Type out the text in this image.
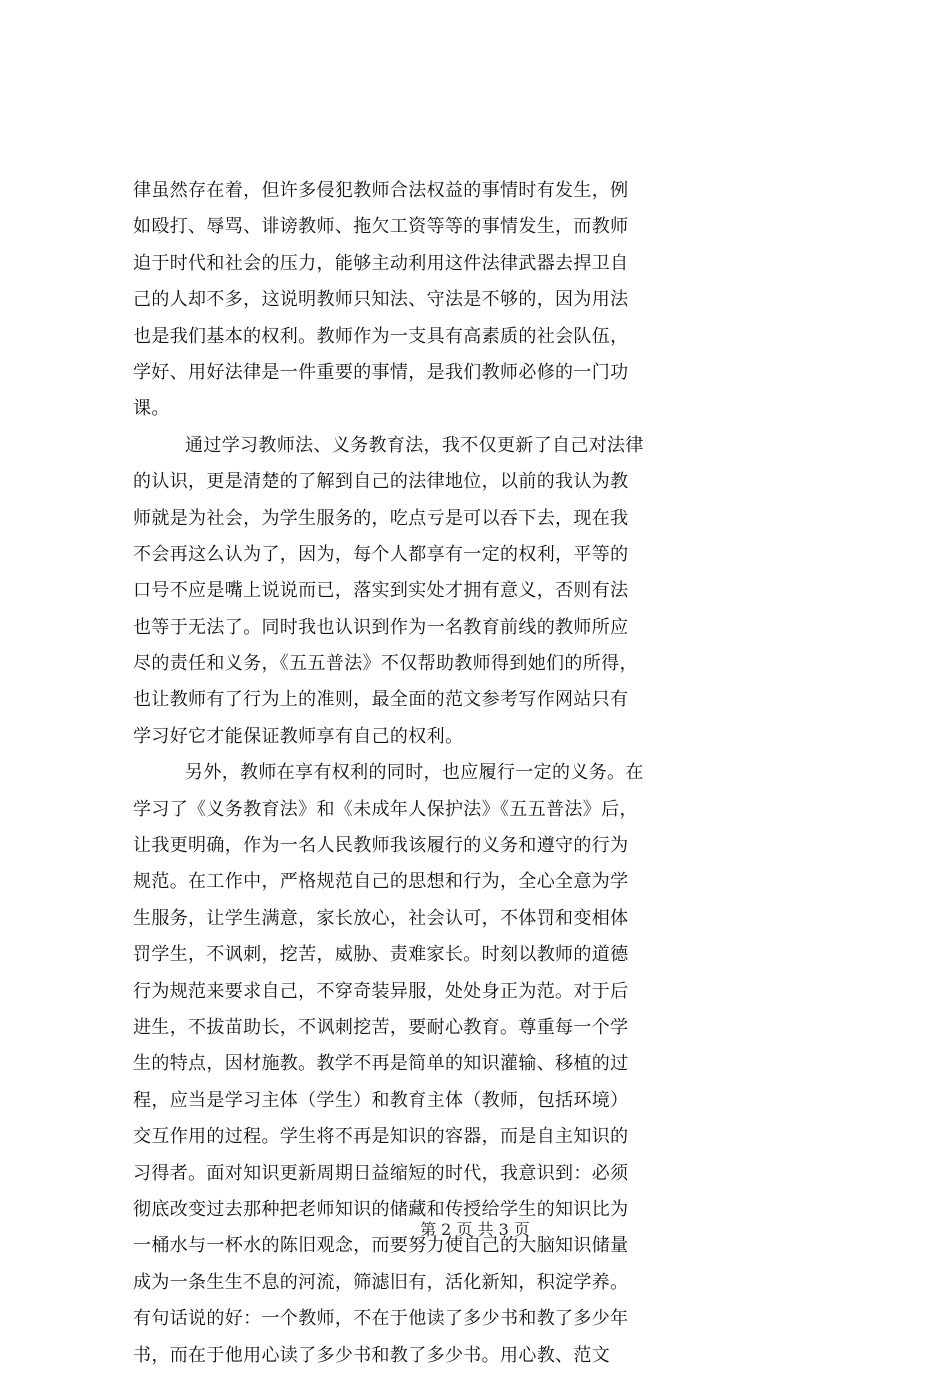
律虽然存在着，但许多侵犯教师合法权益的事情时有发生，例
如殴打、辱骂、诽谤教师、拖欠工资等等的事情发生，而教师
迫于时代和社会的压力，能够主动利用这件法律武器去捍卫自
己的人却不多，这说明教师只知法、守法是不够的，因为用法
也是我们基本的权利。教师作为一支具有高素质的社会队伍，
学好、用好法律是一件重要的事情，是我们教师必修的一门功
课。
通过学习教师法、义务教育法，我不仅更新了自己对法律
的认识，更是清楚的了解到自己的法律地位，以前的我认为教
师就是为社会，为学生服务的，吃点亏是可以吞下去，现在我
不会再这么认为了，因为，每个人都享有一定的权利，平等的
口号不应是嘴上说说而已，落实到实处才拥有意义，否则有法
也等于无法了。同时我也认识到作为一名教育前线的教师所应
尽的责任和义务，《五五普法》不仅帮助教师得到她们的所得，
也让教师有了行为上的准则，最全面的范文参考写作网站只有
学习好它才能保证教师享有自己的权利。
另外，教师在享有权利的同时，也应履行一定的义务。在
学习了《义务教育法》和《未成年人保护法》《五五普法》后，
让我更明确，作为一名人民教师我该履行的义务和遵守的行为
规范。在工作中，严格规范自己的思想和行为，全心全意为学
生服务，让学生满意，家长放心，社会认可，不体罚和变相体
罚学生，不讽刺，挖苦，威胁、责难家长。时刻以教师的道德
行为规范来要求自己，不穿奇装异服，处处身正为范。对于后
进生，不拔苗助长，不讽刺挖苦，要耐心教育。尊重每一个学
生的特点，因材施教。教学不再是简单的知识灌输、移植的过
程，应当是学习主体（学生）和教育主体（教师，包括环境）
交互作用的过程。学生将不再是知识的容器，而是自主知识的
习得者。面对知识更新周期日益缩短的时代，我意识到：必须
彻底改变过去那种把老师知识的储藏和传授给学生的知识比为
一桶水与一杯水的陈旧观念，而要努力使自己的大脑知识储量
成为一条生生不息的河流，筛滤旧有，活化新知，积淀学养。
有句话说的好：一个教师，不在于他读了多少书和教了多少年
书，而在于他用心读了多少书和教了多少书。用心教、范文
第 2 页 共 3 页
